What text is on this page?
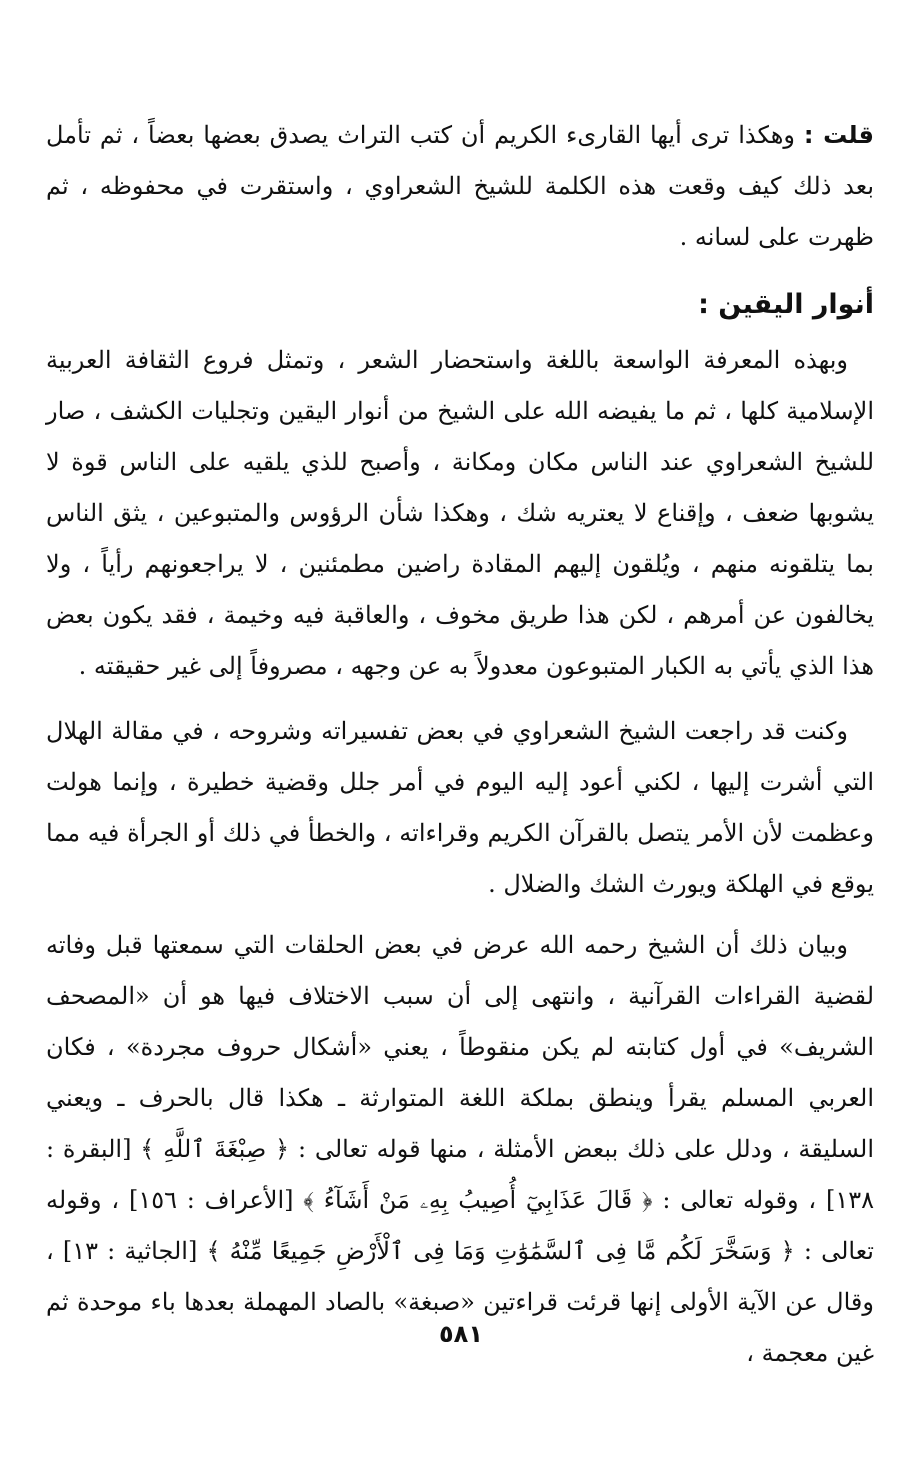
قلت : وهكذا ترى أيها القارىء الكريم أن كتب التراث يصدق بعضها بعضاً ، ثم تأمل بعد ذلك كيف وقعت هذه الكلمة للشيخ الشعراوي ، واستقرت في محفوظه ، ثم ظهرت على لسانه .

أنوار اليقين :

وبهذه المعرفة الواسعة باللغة واستحضار الشعر ، وتمثل فروع الثقافة العربية الإسلامية كلها ، ثم ما يفيضه الله على الشيخ من أنوار اليقين وتجليات الكشف ، صار للشيخ الشعراوي عند الناس مكان ومكانة ، وأصبح للذي يلقيه على الناس قوة لا يشوبها ضعف ، وإقناع لا يعتريه شك ، وهكذا شأن الرؤوس والمتبوعين ، يثق الناس بما يتلقونه منهم ، ويُلقون إليهم المقادة راضين مطمئنين ، لا يراجعونهم رأياً ، ولا يخالفون عن أمرهم ، لكن هذا طريق مخوف ، والعاقبة فيه وخيمة ، فقد يكون بعض هذا الذي يأتي به الكبار المتبوعون معدولاً به عن وجهه ، مصروفاً إلى غير حقيقته .

وكنت قد راجعت الشيخ الشعراوي في بعض تفسيراته وشروحه ، في مقالة الهلال التي أشرت إليها ، لكني أعود إليه اليوم في أمر جلل وقضية خطيرة ، وإنما هولت وعظمت لأن الأمر يتصل بالقرآن الكريم وقراءاته ، والخطأ في ذلك أو الجرأة فيه مما يوقع في الهلكة ويورث الشك والضلال .

وبيان ذلك أن الشيخ رحمه الله عرض في بعض الحلقات التي سمعتها قبل وفاته لقضية القراءات القرآنية ، وانتهى إلى أن سبب الاختلاف فيها هو أن «المصحف الشريف» في أول كتابته لم يكن منقوطاً ، يعني «أشكال حروف مجردة» ، فكان العربي المسلم يقرأ وينطق بملكة اللغة المتوارثة ـ هكذا قال بالحرف ـ ويعني السليقة ، ودلل على ذلك ببعض الأمثلة ، منها قوله تعالى : ﴿ صِبْغَةَ ٱللَّهِ ﴾ [البقرة : ١٣٨] ، وقوله تعالى : ﴿ قَالَ عَذَابِيٓ أُصِيبُ بِهِۦ مَنْ أَشَآءُ ﴾ [الأعراف : ١٥٦] ، وقوله تعالى : ﴿ وَسَخَّرَ لَكُم مَّا فِى ٱلسَّمَٰوَٰتِ وَمَا فِى ٱلْأَرْضِ جَمِيعًا مِّنْهُ ﴾ [الجاثية : ١٣] ، وقال عن الآية الأولى إنها قرئت قراءتين «صبغة» بالصاد المهملة بعدها باء موحدة ثم غين معجمة ،

٥٨١
